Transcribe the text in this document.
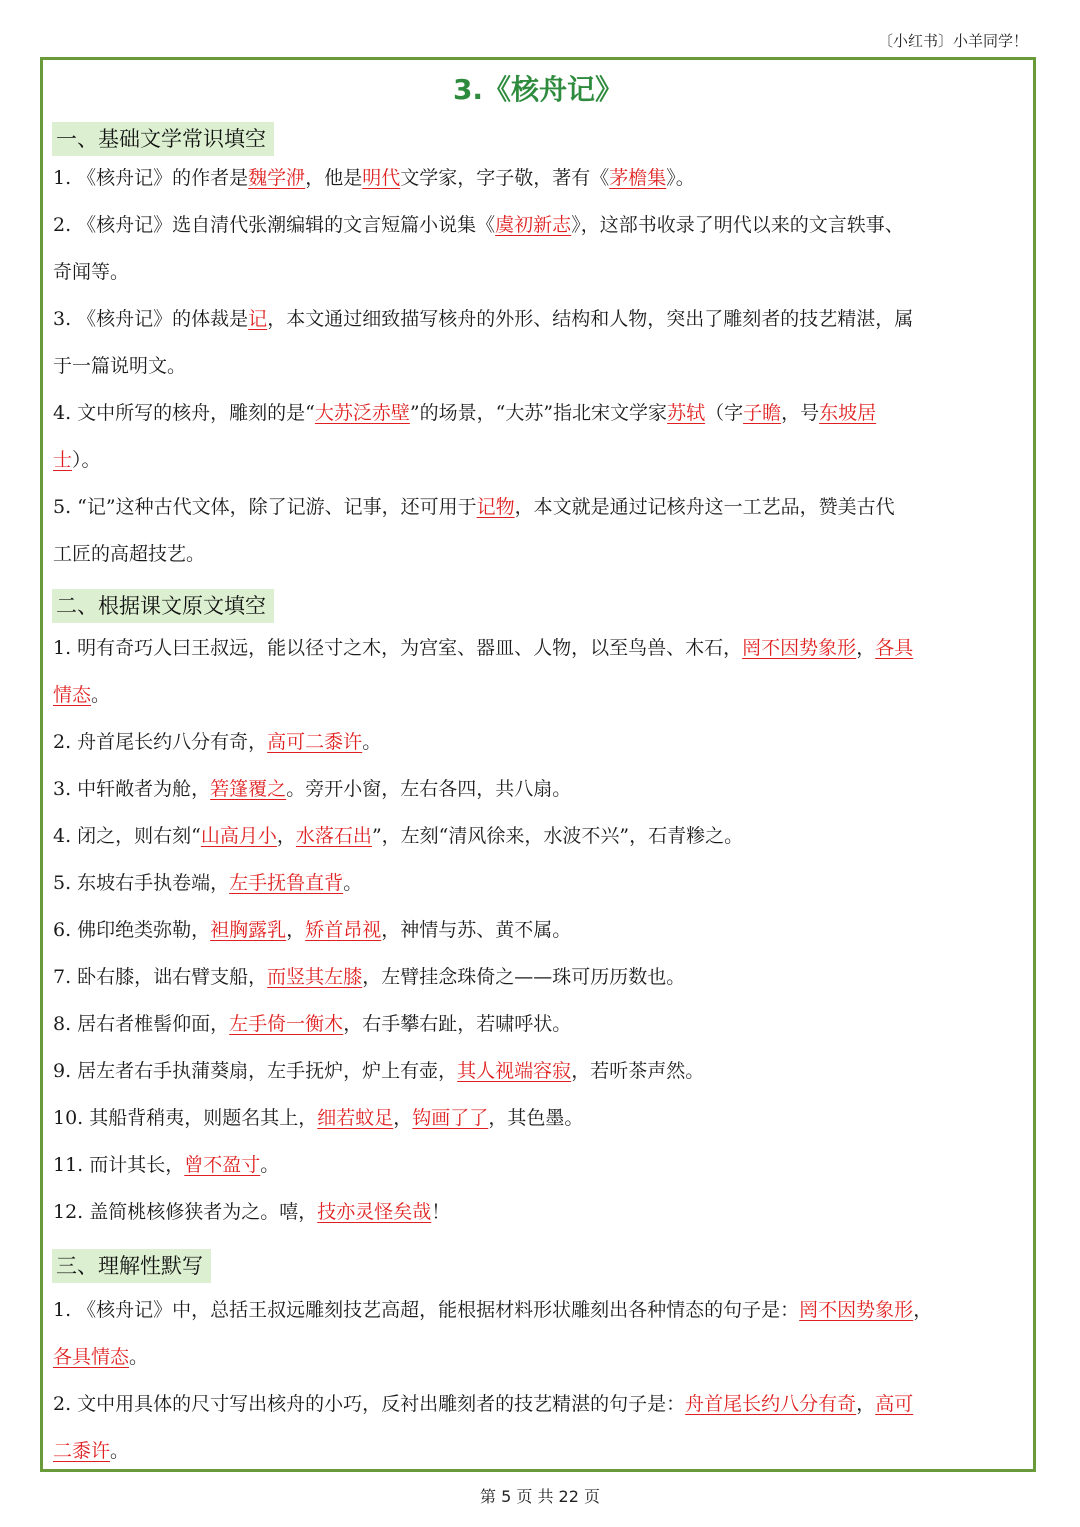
〔小红书〕小羊同学！
3.《核舟记》
一、基础文学常识填空
1. 《核舟记》的作者是魏学洢，他是明代文学家，字子敬，著有《茅檐集》。
2. 《核舟记》选自清代张潮编辑的文言短篇小说集《虞初新志》，这部书收录了明代以来的文言轶事、
奇闻等。
3. 《核舟记》的体裁是记，本文通过细致描写核舟的外形、结构和人物，突出了雕刻者的技艺精湛，属
于一篇说明文。
4. 文中所写的核舟，雕刻的是“大苏泛赤壁”的场景，“大苏”指北宋文学家苏轼（字子瞻，号东坡居
士）。
5. “记”这种古代文体，除了记游、记事，还可用于记物，本文就是通过记核舟这一工艺品，赞美古代
工匠的高超技艺。
二、根据课文原文填空
1. 明有奇巧人曰王叔远，能以径寸之木，为宫室、器皿、人物，以至鸟兽、木石，罔不因势象形，各具
情态。
2. 舟首尾长约八分有奇，高可二黍许。
3. 中轩敞者为舱，箬篷覆之。旁开小窗，左右各四，共八扇。
4. 闭之，则右刻“山高月小，水落石出”，左刻“清风徐来，水波不兴”，石青糁之。
5. 东坡右手执卷端，左手抚鲁直背。
6. 佛印绝类弥勒，袒胸露乳，矫首昂视，神情与苏、黄不属。
7. 卧右膝，诎右臂支船，而竖其左膝，左臂挂念珠倚之——珠可历历数也。
8. 居右者椎髻仰面，左手倚一衡木，右手攀右趾，若啸呼状。
9. 居左者右手执蒲葵扇，左手抚炉，炉上有壶，其人视端容寂，若听茶声然。
10. 其船背稍夷，则题名其上，细若蚊足，钩画了了，其色墨。
11. 而计其长，曾不盈寸。
12. 盖简桃核修狭者为之。嘻，技亦灵怪矣哉！
三、理解性默写
1. 《核舟记》中，总括王叔远雕刻技艺高超，能根据材料形状雕刻出各种情态的句子是：罔不因势象形，
各具情态。
2. 文中用具体的尺寸写出核舟的小巧，反衬出雕刻者的技艺精湛的句子是：舟首尾长约八分有奇，高可
二黍许。
第 5 页 共 22 页
